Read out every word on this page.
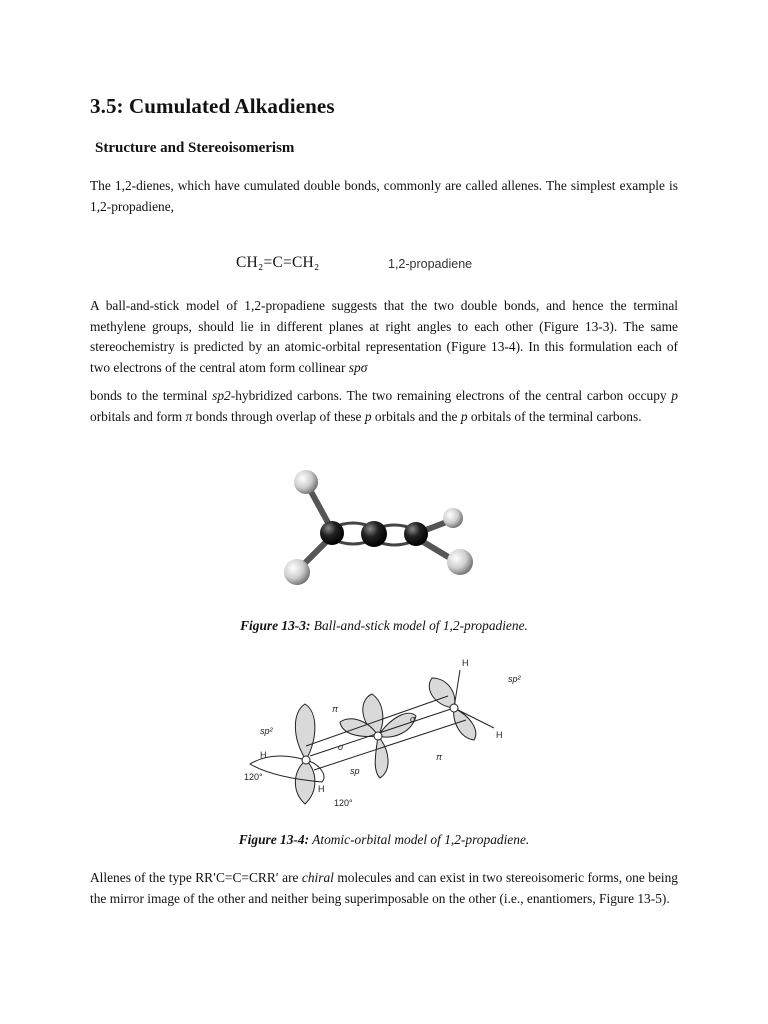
3.5: Cumulated Alkadienes
Structure and Stereoisomerism

The 1,2-dienes, which have cumulated double bonds, commonly are called allenes. The simplest example is 1,2-propadiene,

CH₂=C=CH₂	1,2-propadiene

A ball-and-stick model of 1,2-propadiene suggests that the two double bonds, and hence the terminal methylene groups, should lie in different planes at right angles to each other (Figure 13-3). The same stereochemistry is predicted by an atomic-orbital representation (Figure 13-4). In this formulation each of two electrons of the central atom form collinear spσ

bonds to the terminal sp2-hybridized carbons. The two remaining electrons of the central carbon occupy p orbitals and form π bonds through overlap of these p orbitals and the p orbitals of the terminal carbons.

Figure 13-3: Ball-and-stick model of 1,2-propadiene.

H
sp²
sp²
H
H
H
π
σ
σ
π
sp
120°
120°

Figure 13-4: Atomic-orbital model of 1,2-propadiene.

Allenes of the type RR′C=C=CRR′ are chiral molecules and can exist in two stereoisomeric forms, one being the mirror image of the other and neither being superimposable on the other (i.e., enantiomers, Figure 13-5).
